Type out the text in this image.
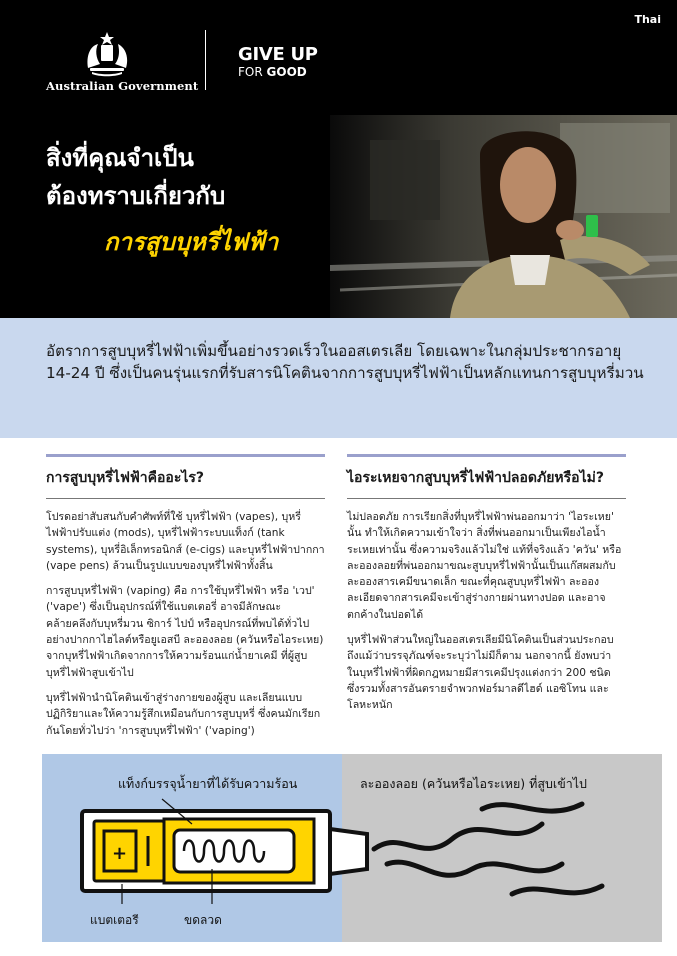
Thai
Australian Government
GIVE UP
FOR GOOD
สิ่งที่คุณจำเป็น
ต้องทราบเกี่ยวกับ
การสูบบุหรี่ไฟฟ้า
อัตราการสูบบุหรี่ไฟฟ้าเพิ่มขึ้นอย่างรวดเร็วในออสเตรเลีย โดยเฉพาะในกลุ่มประชากรอายุ 14-24 ปี ซึ่งเป็นคนรุ่นแรกที่รับสารนิโคตินจากการสูบบุหรี่ไฟฟ้าเป็นหลักแทนการสูบบุหรี่มวน
การสูบบุหรี่ไฟฟ้าคืออะไร?

โปรดอย่าสับสนกับคำศัพท์ที่ใช้ บุหรี่ไฟฟ้า (vapes), บุหรี่ไฟฟ้าปรับแต่ง (mods), บุหรี่ไฟฟ้าระบบแท็งก์ (tank systems), บุหรี่อิเล็กทรอนิกส์ (e-cigs) และบุหรี่ไฟฟ้าปากกา (vape pens) ล้วนเป็นรูปแบบของบุหรี่ไฟฟ้าทั้งสิ้น

การสูบบุหรี่ไฟฟ้า (vaping) คือ การใช้บุหรี่ไฟฟ้า หรือ 'เวป' ('vape') ซึ่งเป็นอุปกรณ์ที่ใช้แบตเตอรี่ อาจมีลักษณะคล้ายคลึงกับบุหรี่มวน ซิการ์ ไปป์ หรืออุปกรณ์ที่พบได้ทั่วไปอย่างปากกาไฮไลต์หรือยูเอสบี ละอองลอย (ควันหรือไอระเหย) จากบุหรี่ไฟฟ้าเกิดจากการให้ความร้อนแก่น้ำยาเคมี ที่ผู้สูบบุหรี่ไฟฟ้าสูบเข้าไป

บุหรี่ไฟฟ้านำนิโคตินเข้าสู่ร่างกายของผู้สูบ และเลียนแบบปฏิกิริยาและให้ความรู้สึกเหมือนกับการสูบบุหรี่ ซึ่งคนมักเรียกกันโดยทั่วไปว่า 'การสูบบุหรี่ไฟฟ้า' ('vaping')

ไอระเหยจากสูบบุหรี่ไฟฟ้าปลอดภัยหรือไม่?

ไม่ปลอดภัย การเรียกสิ่งที่บุหรี่ไฟฟ้าพ่นออกมาว่า 'ไอระเหย' นั้น ทำให้เกิดความเข้าใจว่า สิ่งที่พ่นออกมาเป็นเพียงไอน้ำระเหยเท่านั้น ซึ่งความจริงแล้วไม่ใช่ แท้ที่จริงแล้ว 'ควัน' หรือละอองลอยที่พ่นออกมาขณะสูบบุหรี่ไฟฟ้านั้นเป็นแก๊สผสมกับละอองสารเคมีขนาดเล็ก ขณะที่คุณสูบบุหรี่ไฟฟ้า ละอองละเอียดจากสารเคมีจะเข้าสู่ร่างกายผ่านทางปอด และอาจตกค้างในปอดได้

บุหรี่ไฟฟ้าส่วนใหญ่ในออสเตรเลียมีนิโคตินเป็นส่วนประกอบ ถึงแม้ว่าบรรจุภัณฑ์จะระบุว่าไม่มีก็ตาม นอกจากนี้ ยังพบว่า ในบุหรี่ไฟฟ้าที่ผิดกฎหมายมีสารเคมีปรุงแต่งกว่า 200 ชนิด ซึ่งรวมทั้งสารอันตรายจำพวกฟอร์มาลดีไฮด์ แอซิโทน และโลหะหนัก

+
แท็งก์บรรจุน้ำยาที่ได้รับความร้อน	ละอองลอย (ควันหรือไอระเหย) ที่สูบเข้าไป
แบตเตอรี	ขดลวด
